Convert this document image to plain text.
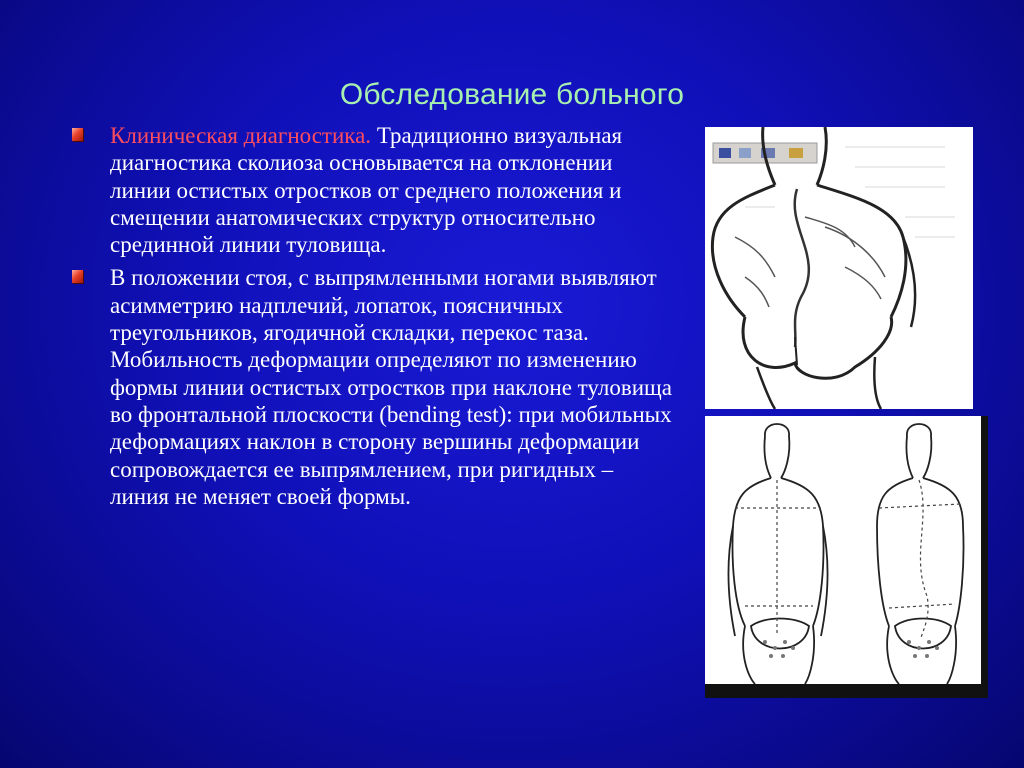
Обследование больного
Клиническая диагностика. Традиционно визуальная диагностика сколиоза основывается на отклонении линии остистых отростков от среднего положения и смещении анатомических структур относительно срединной линии туловища.
В положении стоя, с выпрямленными ногами выявляют асимметрию надплечий, лопаток, поясничных треугольников, ягодичной складки, перекос таза. Мобильность деформации определяют по изменению формы линии остистых отростков при наклоне туловища во фронтальной плоскости (bending test): при мобильных деформациях наклон в сторону вершины деформации сопровождается ее выпрямлением, при ригидных – линия не меняет своей формы.
